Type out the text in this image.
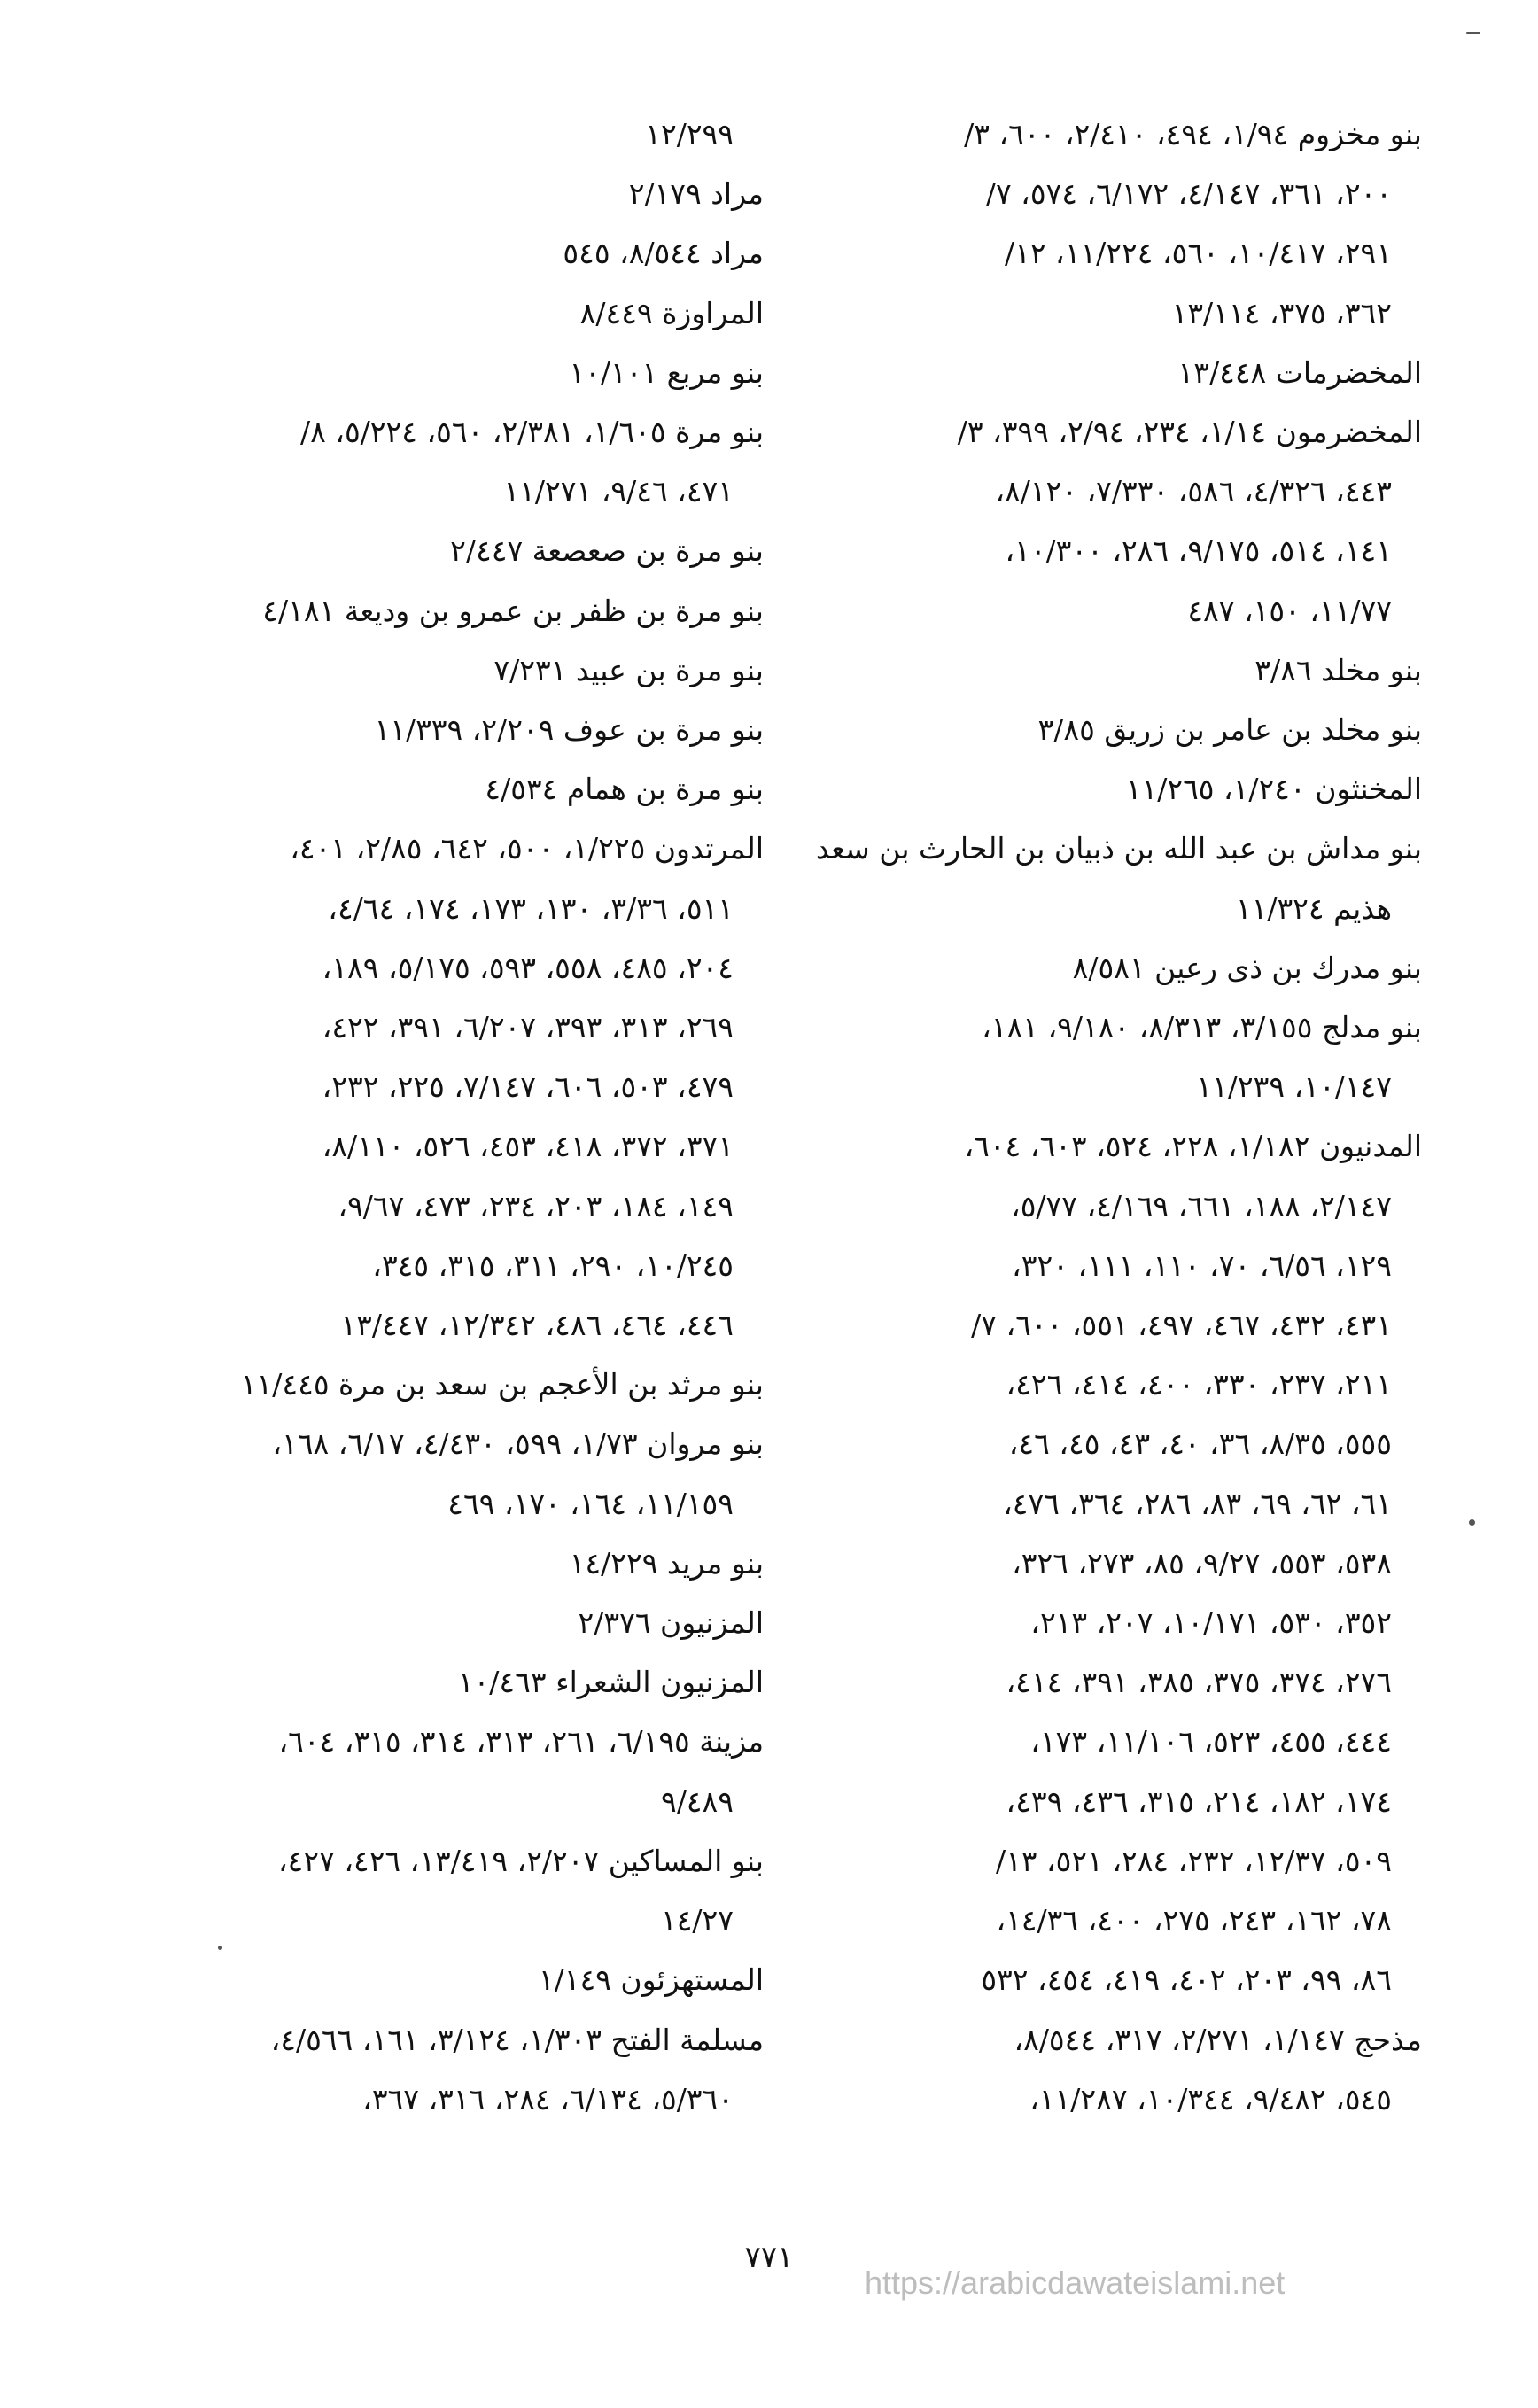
بنو مخزوم ١/٩٤، ٤٩٤، ٢/٤١٠، ٦٠٠، ٣/
٢٠٠، ٣٦١، ٤/١٤٧، ٦/١٧٢، ٥٧٤، ٧/
٢٩١، ١٠/٤١٧، ٥٦٠، ١١/٢٢٤، ١٢/
٣٦٢، ٣٧٥، ١٣/١١٤
المخضرمات ١٣/٤٤٨
المخضرمون ١/١٤، ٢٣٤، ٢/٩٤، ٣٩٩، ٣/
٤٤٣، ٤/٣٢٦، ٥٨٦، ٧/٣٣٠، ٨/١٢٠،
١٤١، ٥١٤، ٩/١٧٥، ٢٨٦، ١٠/٣٠٠،
١١/٧٧، ١٥٠، ٤٨٧
بنو مخلد ٣/٨٦
بنو مخلد بن عامر بن زريق ٣/٨٥
المخنثون ١/٢٤٠، ١١/٢٦٥
بنو مداش بن عبد الله بن ذبيان بن الحارث بن سعد
هذيم ١١/٣٢٤
بنو مدرك بن ذى رعين ٨/٥٨١
بنو مدلج ٣/١٥٥، ٨/٣١٣، ٩/١٨٠، ١٨١،
١٠/١٤٧، ١١/٢٣٩
المدنيون ١/١٨٢، ٢٢٨، ٥٢٤، ٦٠٣، ٦٠٤،
٢/١٤٧، ١٨٨، ٦٦١، ٤/١٦٩، ٥/٧٧،
١٢٩، ٦/٥٦، ٧٠، ١١٠، ١١١، ٣٢٠،
٤٣١، ٤٣٢، ٤٦٧، ٤٩٧، ٥٥١، ٦٠٠، ٧/
٢١١، ٢٣٧، ٣٣٠، ٤٠٠، ٤١٤، ٤٢٦،
٥٥٥، ٨/٣٥، ٣٦، ٤٠، ٤٣، ٤٥، ٤٦،
٦١، ٦٢، ٦٩، ٨٣، ٢٨٦، ٣٦٤، ٤٧٦،
٥٣٨، ٥٥٣، ٩/٢٧، ٨٥، ٢٧٣، ٣٢٦،
٣٥٢، ٥٣٠، ١٠/١٧١، ٢٠٧، ٢١٣،
٢٧٦، ٣٧٤، ٣٧٥، ٣٨٥، ٣٩١، ٤١٤،
٤٤٤، ٤٥٥، ٥٢٣، ١١/١٠٦، ١٧٣،
١٧٤، ١٨٢، ٢١٤، ٣١٥، ٤٣٦، ٤٣٩،
٥٠٩، ١٢/٣٧، ٢٣٢، ٢٨٤، ٥٢١، ١٣/
٧٨، ١٦٢، ٢٤٣، ٢٧٥، ٤٠٠، ١٤/٣٦،
٨٦، ٩٩، ٢٠٣، ٤٠٢، ٤١٩، ٤٥٤، ٥٣٢
مذحج ١/١٤٧، ٢/٢٧١، ٣١٧، ٨/٥٤٤،
٥٤٥، ٩/٤٨٢، ١٠/٣٤٤، ١١/٢٨٧،
١٢/٢٩٩
مراد ٢/١٧٩
مراد ٨/٥٤٤، ٥٤٥
المراوزة ٨/٤٤٩
بنو مربع ١٠/١٠١
بنو مرة ١/٦٠٥، ٢/٣٨١، ٥٦٠، ٥/٢٢٤، ٨/
٤٧١، ٩/٤٦، ١١/٢٧١
بنو مرة بن صعصعة ٢/٤٤٧
بنو مرة بن ظفر بن عمرو بن وديعة ٤/١٨١
بنو مرة بن عبيد ٧/٢٣١
بنو مرة بن عوف ٢/٢٠٩، ١١/٣٣٩
بنو مرة بن همام ٤/٥٣٤
المرتدون ١/٢٢٥، ٥٠٠، ٦٤٢، ٢/٨٥، ٤٠١،
٥١١، ٣/٣٦، ١٣٠، ١٧٣، ١٧٤، ٤/٦٤،
٢٠٤، ٤٨٥، ٥٥٨، ٥٩٣، ٥/١٧٥، ١٨٩،
٢٦٩، ٣١٣، ٣٩٣، ٦/٢٠٧، ٣٩١، ٤٢٢،
٤٧٩، ٥٠٣، ٦٠٦، ٧/١٤٧، ٢٢٥، ٢٣٢،
٣٧١، ٣٧٢، ٤١٨، ٤٥٣، ٥٢٦، ٨/١١٠،
١٤٩، ١٨٤، ٢٠٣، ٢٣٤، ٤٧٣، ٩/٦٧،
١٠/٢٤٥، ٢٩٠، ٣١١، ٣١٥، ٣٤٥،
٤٤٦، ٤٦٤، ٤٨٦، ١٢/٣٤٢، ١٣/٤٤٧
بنو مرثد بن الأعجم بن سعد بن مرة ١١/٤٤٥
بنو مروان ١/٧٣، ٥٩٩، ٤/٤٣٠، ٦/١٧، ١٦٨،
١١/١٥٩، ١٦٤، ١٧٠، ٤٦٩
بنو مريد ١٤/٢٢٩
المزنيون ٢/٣٧٦
المزنيون الشعراء ١٠/٤٦٣
مزينة ٦/١٩٥، ٢٦١، ٣١٣، ٣١٤، ٣١٥، ٦٠٤،
٩/٤٨٩
بنو المساكين ٢/٢٠٧، ١٣/٤١٩، ٤٢٦، ٤٢٧،
١٤/٢٧
المستهزئون ١/١٤٩
مسلمة الفتح ١/٣٠٣، ٣/١٢٤، ١٦١، ٤/٥٦٦،
٥/٣٦٠، ٦/١٣٤، ٢٨٤، ٣١٦، ٣٦٧،
٧٧١
https://arabicdawateislami.net
